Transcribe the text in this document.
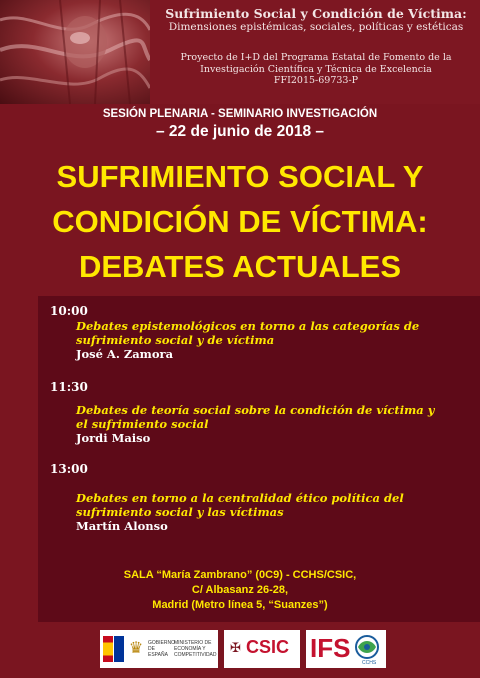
Sufrimiento Social y Condición de Víctima:
Dimensiones epistémicas, sociales, políticas y estéticas
Proyecto de I+D del Programa Estatal de Fomento de la
Investigación Científica y Técnica de Excelencia
FFI2015-69733-P
SESIÓN PLENARIA - SEMINARIO INVESTIGACIÓN
– 22 de junio de 2018 –
SUFRIMIENTO SOCIAL Y
CONDICIÓN DE VÍCTIMA:
DEBATES ACTUALES
10:00
Debates epistemológicos en torno a las categorías de
sufrimiento social y de víctima
José A. Zamora
11:30
Debates de teoría social sobre la condición de víctima y
el sufrimiento social
Jordi Maiso
13:00
Debates en torno a la centralidad ético política del
sufrimiento social y las víctimas
Martín Alonso
SALA “María Zambrano” (0C9) - CCHS/CSIC,
C/ Albasanz 26-28,
Madrid (Metro línea 5, “Suanzes”)
♛ GOBIERNO DE ESPAÑA
MINISTERIO DE ECONOMÍA Y COMPETITIVIDAD ✠ CSIC IFS CCHS
